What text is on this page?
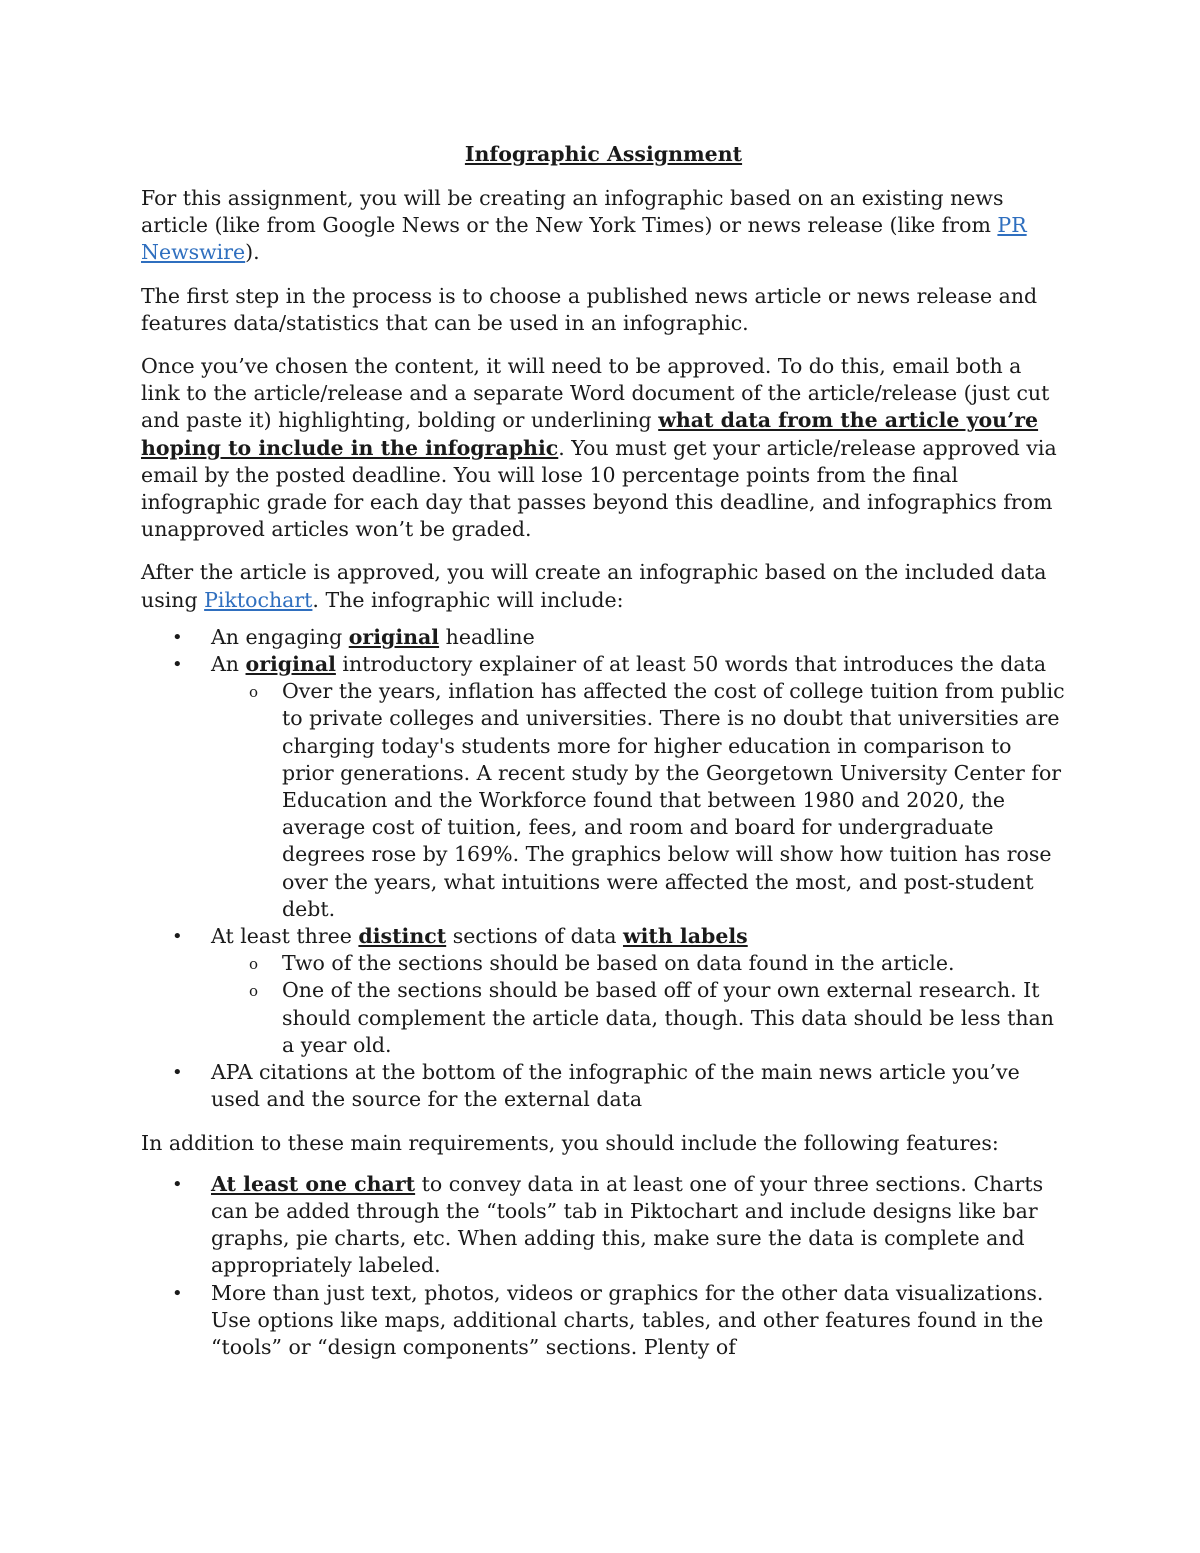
Infographic Assignment

For this assignment, you will be creating an infographic based on an existing news article (like from Google News or the New York Times) or news release (like from PR Newswire).

The first step in the process is to choose a published news article or news release and features data/statistics that can be used in an infographic.

Once you’ve chosen the content, it will need to be approved. To do this, email both a link to the article/release and a separate Word document of the article/release (just cut and paste it) highlighting, bolding or underlining what data from the article you’re hoping to include in the infographic. You must get your article/release approved via email by the posted deadline. You will lose 10 percentage points from the final infographic grade for each day that passes beyond this deadline, and infographics from unapproved articles won’t be graded.

After the article is approved, you will create an infographic based on the included data using Piktochart. The infographic will include:

• An engaging original headline
• An original introductory explainer of at least 50 words that introduces the data
o Over the years, inflation has affected the cost of college tuition from public to private colleges and universities. There is no doubt that universities are charging today's students more for higher education in comparison to prior generations. A recent study by the Georgetown University Center for Education and the Workforce found that between 1980 and 2020, the average cost of tuition, fees, and room and board for undergraduate degrees rose by 169%. The graphics below will show how tuition has rose over the years, what intuitions were affected the most, and post-student debt.
• At least three distinct sections of data with labels
o Two of the sections should be based on data found in the article.
o One of the sections should be based off of your own external research. It should complement the article data, though. This data should be less than a year old.
• APA citations at the bottom of the infographic of the main news article you’ve used and the source for the external data

In addition to these main requirements, you should include the following features:

• At least one chart to convey data in at least one of your three sections. Charts can be added through the “tools” tab in Piktochart and include designs like bar graphs, pie charts, etc. When adding this, make sure the data is complete and appropriately labeled.
• More than just text, photos, videos or graphics for the other data visualizations. Use options like maps, additional charts, tables, and other features found in the “tools” or “design components” sections. Plenty of
